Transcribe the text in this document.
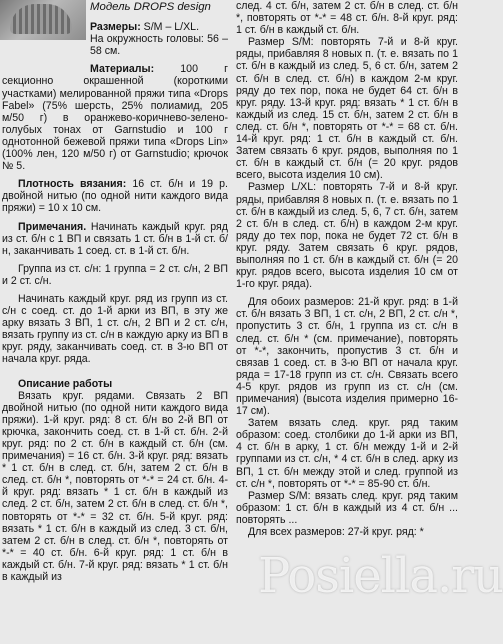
Модель DROPS design
Размеры: S/M – L/XL.
На окружность головы: 56 – 58 см.
Материалы: 100 г секционно окрашенной (короткими участками) мелированной пряжи типа «Drops Fabel» (75% шерсть, 25% полиамид, 205 м/50 г) в оранжево-коричнево-зелено-голубых тонах от Garnstudio и 100 г однотонной бежевой пряжи типа «Drops Lin» (100% лен, 120 м/50 г) от Garnstudio; крючок № 5.
Плотность вязания: 16 ст. б/н и 19 р. двойной нитью (по одной нити каждого вида пряжи) = 10 х 10 см.
Примечания. Начинать каждый круг. ряд из ст. б/н с 1 ВП и связать 1 ст. б/н в 1-й ст. б/н, заканчивать 1 соед. ст. в 1-й ст. б/н.
Группа из ст. с/н: 1 группа = 2 ст. с/н, 2 ВП и 2 ст. с/н.
Начинать каждый круг. ряд из групп из ст. с/н с соед. ст. до 1-й арки из ВП, в эту же арку вязать 3 ВП, 1 ст. с/н, 2 ВП и 2 ст. с/н, вязать группу из ст. с/н в каждую арку из ВП в круг. ряду, заканчивать соед. ст. в 3-ю ВП от начала круг. ряда.
Описание работы
Вязать круг. рядами. Связать 2 ВП двойной нитью (по одной нити каждого вида пряжи). 1-й круг. ряд: 8 ст. б/н во 2-й ВП от крючка, закончить соед. ст. в 1-й ст. б/н. 2-й круг. ряд: по 2 ст. б/н в каждый ст. б/н (см. примечания) = 16 ст. б/н. 3-й круг. ряд: вязать * 1 ст. б/н в след. ст. б/н, затем 2 ст. б/н в след. ст. б/н *, повторять от *-* = 24 ст. б/н. 4-й круг. ряд: вязать * 1 ст. б/н в каждый из след. 2 ст. б/н, затем 2 ст. б/н в след. ст. б/н *, повторять от *-* = 32 ст. б/н. 5-й круг. ряд: вязать * 1 ст. б/н в каждый из след. 3 ст. б/н, затем 2 ст. б/н в след. ст. б/н *, повторять от *-* = 40 ст. б/н. 6-й круг. ряд: 1 ст. б/н в каждый ст. б/н. 7-й круг. ряд: вязать * 1 ст. б/н в каждый из
след. 4 ст. б/н, затем 2 ст. б/н в след. ст. б/н *, повторять от *-* = 48 ст. б/н. 8-й круг. ряд: 1 ст. б/н в каждый ст. б/н.
Размер S/M: повторять 7-й и 8-й круг. ряды, прибавляя 8 новых п. (т. е. вязать по 1 ст. б/н в каждый из след. 5, 6 ст. б/н, затем 2 ст. б/н в след. ст. б/н) в каждом 2-м круг. ряду до тех пор, пока не будет 64 ст. б/н в круг. ряду. 13-й круг. ряд: вязать * 1 ст. б/н в каждый из след. 15 ст. б/н, затем 2 ст. б/н в след. ст. б/н *, повторять от *-* = 68 ст. б/н. 14-й круг. ряд: 1 ст. б/н в каждый ст. б/н. Затем связать 6 круг. рядов, выполняя по 1 ст. б/н в каждый ст. б/н (= 20 круг. рядов всего, высота изделия 10 см).
Размер L/XL: повторять 7-й и 8-й круг. ряды, прибавляя 8 новых п. (т. е. вязать по 1 ст. б/н в каждый из след. 5, 6, 7 ст. б/н, затем 2 ст. б/н в след. ст. б/н) в каждом 2-м круг. ряду до тех пор, пока не будет 72 ст. б/н в круг. ряду. Затем связать 6 круг. рядов, выполняя по 1 ст. б/н в каждый ст. б/н (= 20 круг. рядов всего, высота изделия 10 см от 1-го круг. ряда).
Для обоих размеров: 21-й круг. ряд: в 1-й ст. б/н вязать 3 ВП, 1 ст. с/н, 2 ВП, 2 ст. с/н *, пропустить 3 ст. б/н, 1 группа из ст. с/н в след. ст. б/н * (см. примечание), повторять от *-*, закончить, пропустив 3 ст. б/н и связав 1 соед. ст. в 3-ю ВП от начала круг. ряда = 17-18 групп из ст. с/н. Связать всего 4-5 круг. рядов из групп из ст. с/н (см. примечания) (высота изделия примерно 16-17 см).
Затем вязать след. круг. ряд таким образом: соед. столбики до 1-й арки из ВП, 4 ст. б/н в арку, 1 ст. б/н между 1-й и 2-й группами из ст. с/н, * 4 ст. б/н в след. арку из ВП, 1 ст. б/н между этой и след. группой из ст. с/н *, повторять от *-* = 85-90 ст. б/н.
Размер S/M: вязать след. круг. ряд таким образом: 1 ст. б/н в каждый из 4 ст. б/н ... повторять ...
Для всех размеров: 27-й круг. ряд: *
Posiella.ru
